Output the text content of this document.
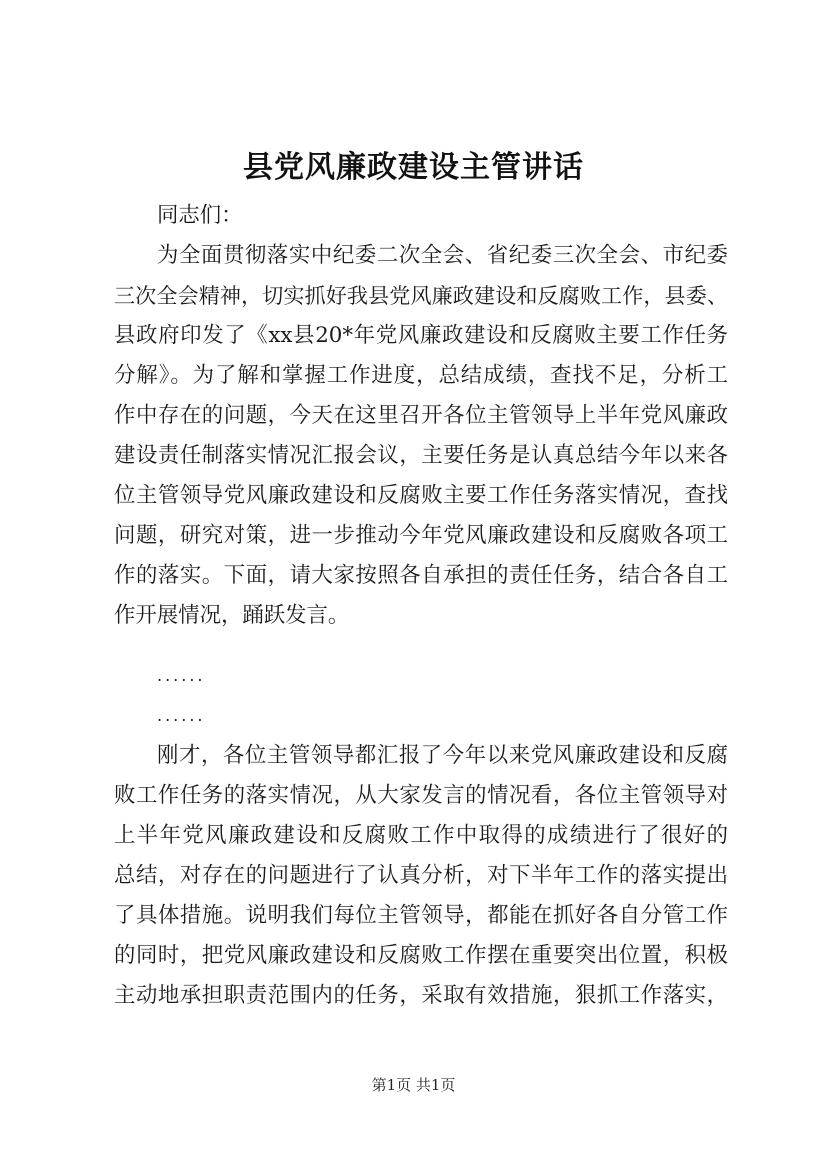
县党风廉政建设主管讲话
同志们：
为全面贯彻落实中纪委二次全会、省纪委三次全会、市纪委
三次全会精神，切实抓好我县党风廉政建设和反腐败工作，县委、
县政府印发了《xx县20*年党风廉政建设和反腐败主要工作任务
分解》。为了解和掌握工作进度，总结成绩，查找不足，分析工
作中存在的问题，今天在这里召开各位主管领导上半年党风廉政
建设责任制落实情况汇报会议，主要任务是认真总结今年以来各
位主管领导党风廉政建设和反腐败主要工作任务落实情况，查找
问题，研究对策，进一步推动今年党风廉政建设和反腐败各项工
作的落实。下面，请大家按照各自承担的责任任务，结合各自工
作开展情况，踊跃发言。
......
......
刚才，各位主管领导都汇报了今年以来党风廉政建设和反腐
败工作任务的落实情况，从大家发言的情况看，各位主管领导对
上半年党风廉政建设和反腐败工作中取得的成绩进行了很好的
总结，对存在的问题进行了认真分析，对下半年工作的落实提出
了具体措施。说明我们每位主管领导，都能在抓好各自分管工作
的同时，把党风廉政建设和反腐败工作摆在重要突出位置，积极
主动地承担职责范围内的任务，采取有效措施，狠抓工作落实，
第1页 共1页
